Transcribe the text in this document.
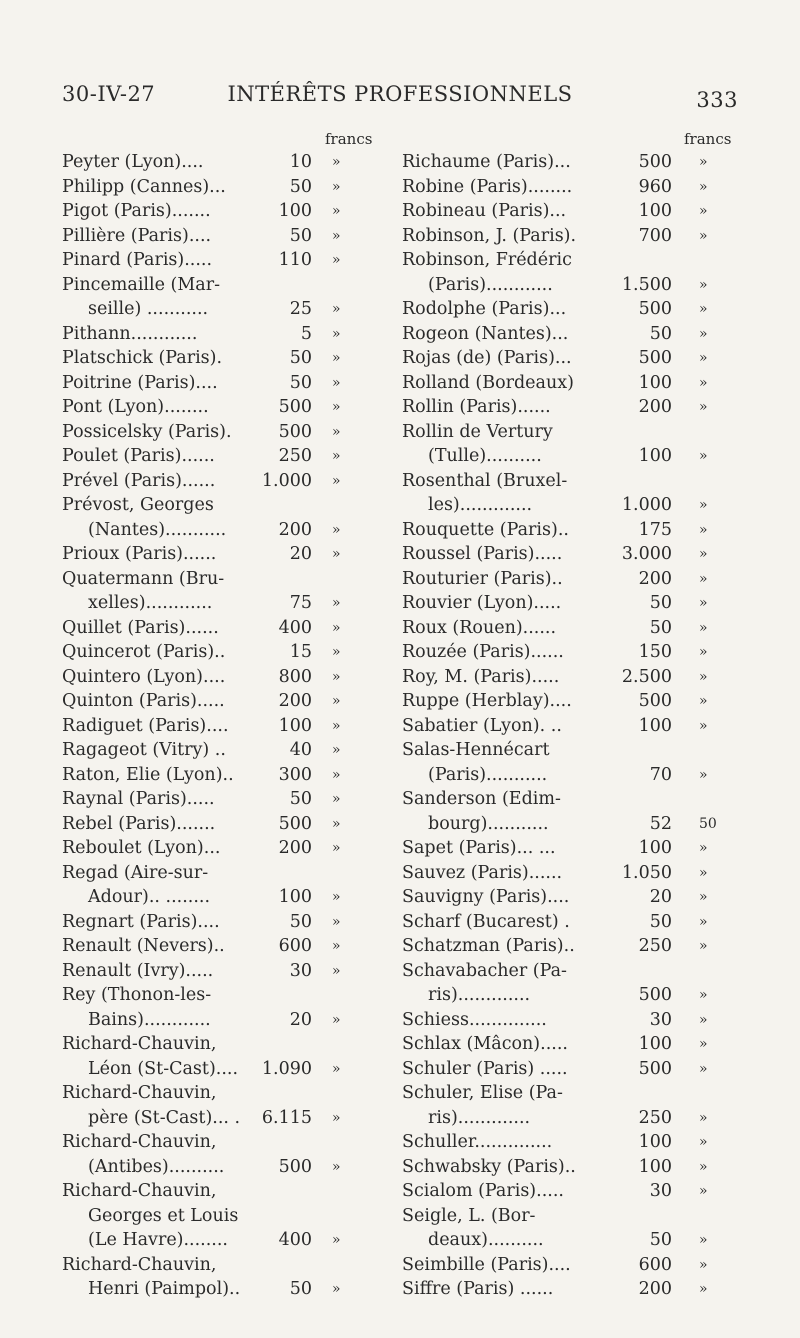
30-IV-27	INTÉRÊTS PROFESSIONNELS	333
francs
Peyter (Lyon)....	10 »
Philipp (Cannes)...	50 »
Pigot (Paris).......	100 »
Pillière (Paris)....	50 »
Pinard (Paris).....	110 »
Pincemaille (Mar-
seille) ...........	25 »
Pithann............	5 »
Platschick (Paris).	50 »
Poitrine (Paris)....	50 »
Pont (Lyon)........	500 »
Possicelsky (Paris).	500 »
Poulet (Paris)......	250 »
Prével (Paris)......	1.000 »
Prévost, Georges
(Nantes)...........	200 »
Prioux (Paris)......	20 »
Quatermann (Bru-
xelles)............	75 »
Quillet (Paris)......	400 »
Quincerot (Paris)..	15 »
Quintero (Lyon)....	800 »
Quinton (Paris).....	200 »
Radiguet (Paris)....	100 »
Ragageot (Vitry) ..	40 »
Raton, Elie (Lyon)..	300 »
Raynal (Paris).....	50 »
Rebel (Paris).......	500 »
Reboulet (Lyon)...	200 »
Regad (Aire-sur-
Adour).. ........	100 »
Regnart (Paris)....	50 »
Renault (Nevers)..	600 »
Renault (Ivry).....	30 »
Rey (Thonon-les-
Bains)............	20 »
Richard-Chauvin,
Léon (St-Cast)....	1.090 »
Richard-Chauvin,
père (St-Cast)... .	6.115 »
Richard-Chauvin,
(Antibes)..........	500 »
Richard-Chauvin,
Georges et Louis
(Le Havre)........	400 »
Richard-Chauvin,
Henri (Paimpol)..	50 »
francs
Richaume (Paris)...	500 »
Robine (Paris)........	960 »
Robineau (Paris)...	100 »
Robinson, J. (Paris).	700 »
Robinson, Frédéric
(Paris)............	1.500 »
Rodolphe (Paris)...	500 »
Rogeon (Nantes)...	50 »
Rojas (de) (Paris)...	500 »
Rolland (Bordeaux)	100 »
Rollin (Paris)......	200 »
Rollin de Vertury
(Tulle)..........	100 »
Rosenthal (Bruxel-
les).............	1.000 »
Rouquette (Paris)..	175 »
Roussel (Paris).....	3.000 »
Routurier (Paris)..	200 »
Rouvier (Lyon).....	50 »
Roux (Rouen)......	50 »
Rouzée (Paris)......	150 »
Roy, M. (Paris).....	2.500 »
Ruppe (Herblay)....	500 »
Sabatier (Lyon). ..	100 »
Salas-Hennécart
(Paris)...........	70 »
Sanderson (Edim-
bourg)...........	52 50
Sapet (Paris)... ...	100 »
Sauvez (Paris)......	1.050 »
Sauvigny (Paris)....	20 »
Scharf (Bucarest) .	50 »
Schatzman (Paris)..	250 »
Schavabacher (Pa-
ris).............	500 »
Schiess..............	30 »
Schlax (Mâcon).....	100 »
Schuler (Paris) .....	500 »
Schuler, Elise (Pa-
ris).............	250 »
Schuller..............	100 »
Schwabsky (Paris)..	100 »
Scialom (Paris).....	30 »
Seigle, L. (Bor-
deaux)..........	50 »
Seimbille (Paris)....	600 »
Siffre (Paris) ......	200 »
